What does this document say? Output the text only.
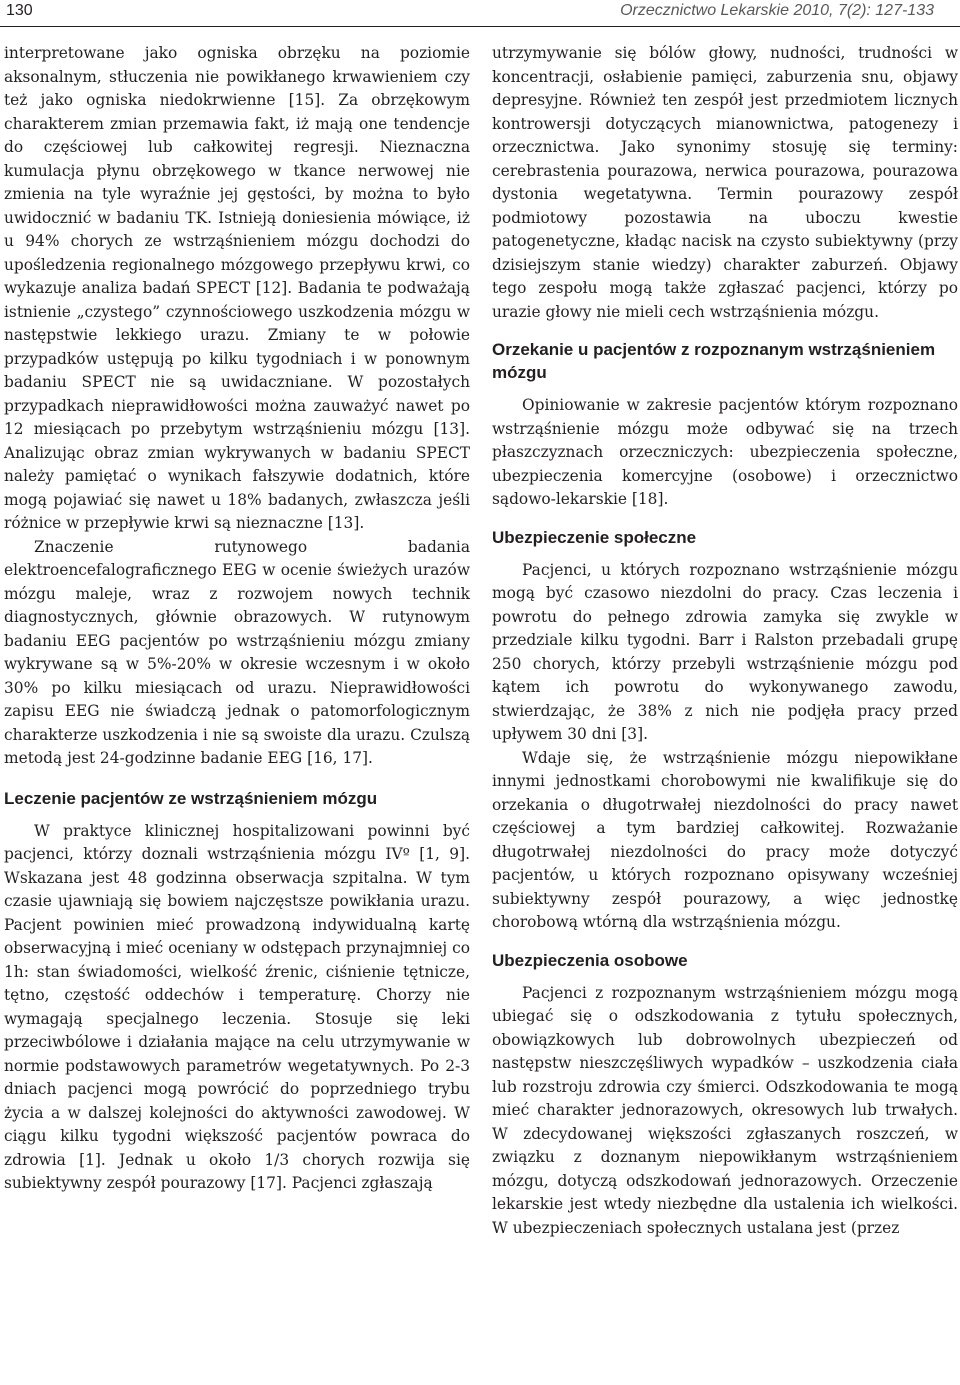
130	Orzecznictwo Lekarskie 2010, 7(2): 127-133

interpretowane jako ogniska obrzęku na poziomie aksonalnym, stłuczenia nie powikłanego krwawieniem czy też jako ogniska niedokrwienne [15]. Za obrzękowym charakterem zmian przemawia fakt, iż mają one tendencje do częściowej lub całkowitej regresji. Nieznaczna kumulacja płynu obrzękowego w tkance nerwowej nie zmienia na tyle wyraźnie jej gęstości, by można to było uwidocznić w badaniu TK. Istnieją doniesienia mówiące, iż u 94% chorych ze wstrząśnieniem mózgu dochodzi do upośledzenia regionalnego mózgowego przepływu krwi, co wykazuje analiza badań SPECT [12]. Badania te podważają istnienie „czystego” czynnościowego uszkodzenia mózgu w następstwie lekkiego urazu. Zmiany te w połowie przypadków ustępują po kilku tygodniach i w ponownym badaniu SPECT nie są uwidaczniane. W pozostałych przypadkach nieprawidłowości można zauważyć nawet po 12 miesiącach po przebytym wstrząśnieniu mózgu [13]. Analizując obraz zmian wykrywanych w badaniu SPECT należy pamiętać o wynikach fałszywie dodatnich, które mogą pojawiać się nawet u 18% badanych, zwłaszcza jeśli różnice w przepływie krwi są nieznaczne [13].

Znaczenie rutynowego badania elektroencefalograficznego EEG w ocenie świeżych urazów mózgu maleje, wraz z rozwojem nowych technik diagnostycznych, głównie obrazowych. W rutynowym badaniu EEG pacjentów po wstrząśnieniu mózgu zmiany wykrywane są w 5%-20% w okresie wczesnym i w około 30% po kilku miesiącach od urazu. Nieprawidłowości zapisu EEG nie świadczą jednak o patomorfologicznym charakterze uszkodzenia i nie są swoiste dla urazu. Czulszą metodą jest 24-godzinne badanie EEG [16, 17].

Leczenie pacjentów ze wstrząśnieniem mózgu

W praktyce klinicznej hospitalizowani powinni być pacjenci, którzy doznali wstrząśnienia mózgu IVº [1, 9]. Wskazana jest 48 godzinna obserwacja szpitalna. W tym czasie ujawniają się bowiem najczęstsze powikłania urazu. Pacjent powinien mieć prowadzoną indywidualną kartę obserwacyjną i mieć oceniany w odstępach przynajmniej co 1h: stan świadomości, wielkość źrenic, ciśnienie tętnicze, tętno, częstość oddechów i temperaturę. Chorzy nie wymagają specjalnego leczenia. Stosuje się leki przeciwbólowe i działania mające na celu utrzymywanie w normie podstawowych parametrów wegetatywnych. Po 2-3 dniach pacjenci mogą powrócić do poprzedniego trybu życia a w dalszej kolejności do aktywności zawodowej. W ciągu kilku tygodni większość pacjentów powraca do zdrowia [1]. Jednak u około 1/3 chorych rozwija się subiektywny zespół pourazowy [17]. Pacjenci zgłaszają

utrzymywanie się bólów głowy, nudności, trudności w koncentracji, osłabienie pamięci, zaburzenia snu, objawy depresyjne. Również ten zespół jest przedmiotem licznych kontrowersji dotyczących mianownictwa, patogenezy i orzecznictwa. Jako synonimy stosuję się terminy: cerebrastenia pourazowa, nerwica pourazowa, pourazowa dystonia wegetatywna. Termin pourazowy zespół podmiotowy pozostawia na uboczu kwestie patogenetyczne, kładąc nacisk na czysto subiektywny (przy dzisiejszym stanie wiedzy) charakter zaburzeń. Objawy tego zespołu mogą także zgłaszać pacjenci, którzy po urazie głowy nie mieli cech wstrząśnienia mózgu.

Orzekanie u pacjentów z rozpoznanym wstrząśnieniem mózgu

Opiniowanie w zakresie pacjentów którym rozpoznano wstrząśnienie mózgu może odbywać się na trzech płaszczyznach orzeczniczych: ubezpieczenia społeczne, ubezpieczenia komercyjne (osobowe) i orzecznictwo sądowo-lekarskie [18].

Ubezpieczenie społeczne

Pacjenci, u których rozpoznano wstrząśnienie mózgu mogą być czasowo niezdolni do pracy. Czas leczenia i powrotu do pełnego zdrowia zamyka się zwykle w przedziale kilku tygodni. Barr i Ralston przebadali grupę 250 chorych, którzy przebyli wstrząśnienie mózgu pod kątem ich powrotu do wykonywanego zawodu, stwierdzając, że 38% z nich nie podjęła pracy przed upływem 30 dni [3].

Wdaje się, że wstrząśnienie mózgu niepowikłane innymi jednostkami chorobowymi nie kwalifikuje się do orzekania o długotrwałej niezdolności do pracy nawet częściowej a tym bardziej całkowitej. Rozważanie długotrwałej niezdolności do pracy może dotyczyć pacjentów, u których rozpoznano opisywany wcześniej subiektywny zespół pourazowy, a więc jednostkę chorobową wtórną dla wstrząśnienia mózgu.

Ubezpieczenia osobowe

Pacjenci z rozpoznanym wstrząśnieniem mózgu mogą ubiegać się o odszkodowania z tytułu społecznych, obowiązkowych lub dobrowolnych ubezpieczeń od następstw nieszczęśliwych wypadków – uszkodzenia ciała lub rozstroju zdrowia czy śmierci. Odszkodowania te mogą mieć charakter jednorazowych, okresowych lub trwałych. W zdecydowanej większości zgłaszanych roszczeń, w związku z doznanym niepowikłanym wstrząśnieniem mózgu, dotyczą odszkodowań jednorazowych. Orzeczenie lekarskie jest wtedy niezbędne dla ustalenia ich wielkości. W ubezpieczeniach społecznych ustalana jest (przez
